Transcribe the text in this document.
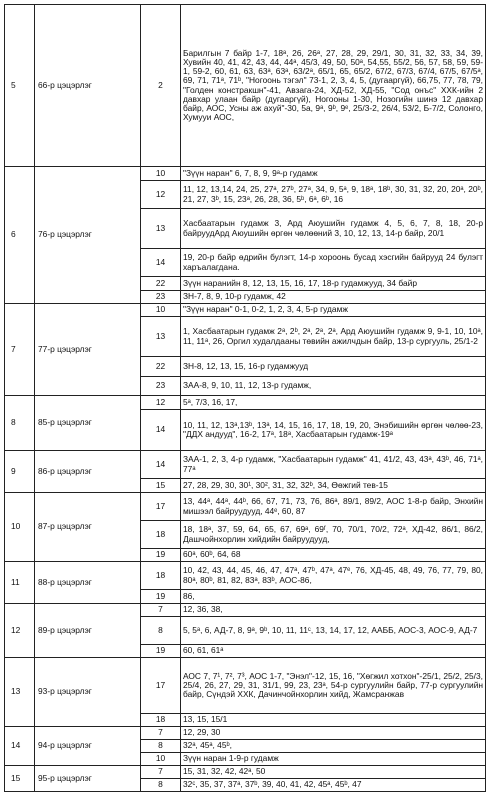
5	66-р цэцэрлэг	2	Барилгын 7 байр 1-7, 18ᵃ, 26, 26ᵃ, 27, 28, 29, 29/1, 30, 31, 32, 33, 34, 39, Хувийн 40, 41, 42, 43, 44, 44ᵃ, 45/3, 49, 50, 50ᵃ, 54,55, 55/2, 56, 57, 58, 59, 59-1, 59-2, 60, 61, 63, 63ᵃ, 63ᵃ, 63/2ᵃ, 65/1, 65, 65/2, 67/2, 67/3, 67/4, 67/5, 67/5ᵃ, 69, 71, 71ᵃ, 71ᵇ, "Ногоонь тэгэл" 73-1, 2, 3, 4, 5, (дугааргүй), 66,75, 77, 78, 79, "Голден констракшн"-41, Авзага-24, ХД-52, ХД-55, "Сод онъс" ХХК-ийн 2 давхар улаан байр (дугааргүй), Ногооны 1-30, Нозогийн шинэ 12 давхар байр, АОС, Усны аж ахуй"-30, 5а, 9ᵃ, 9ᵇ, 9ᵉ, 25/3-2, 26/4, 53/2, Б-7/2, Солонго, Хумууи АОС,
6	76-р цэцэрлэг	10	"Зүүн наран" 6, 7, 8, 9, 9ᵃ-р гудамж
		12	11, 12, 13,14, 24, 25, 27ᵃ, 27ᵇ, 27ᵃ, 34, 9, 5ᵃ, 9, 18ᵃ, 18ᵇ, 30, 31, 32, 20, 20ᵃ, 20ᵇ, 21, 27, 3ᵇ, 15, 23ᵃ, 26, 28, 36, 5ᵇ, 6ᵃ, 6ᵇ, 16
		13	Хасбаатарын гудамж 3, Ард Аюушийн гудамж 4, 5, 6, 7, 8, 18, 20-р байруудАрд Аюушийн өргөн чөлөөний 3, 10, 12, 13, 14-р байр, 20/1
		14	19, 20-р байр өдрийн булэгт, 14-р хороонь бусад хэсгийн байрууд 24 булэгт харъалагдана.
		22	Зүүн наранийн 8, 12, 13, 15, 16, 17, 18-р гудамжууд, 34 байр
		23	ЗН-7, 8, 9, 10-р гудамж, 42
7	77-р цэцэрлэг	10	"Зүүн наран" 0-1, 0-2, 1, 2, 3, 4, 5-р гудамж
		13	1, Хасбаатарын гудамж 2ᵃ, 2ᵇ, 2ᵃ, 2ᵃ, 2ᵃ, Ард Аюушийн гудамж 9, 9-1, 10, 10ᵃ, 11, 11ᵃ, 26, Оргил худалдааны төвийн ажилчдын байр, 13-р сургууль, 25/1-2
		22	ЗН-8, 12, 13, 15, 16-р гудамжууд
		23	ЗАА-8, 9, 10, 11, 12, 13-р гудамж,
8	85-р цэцэрлэг	12	5ᵃ, 7/3, 16, 17,
		14	10, 11, 12, 13ᵃ,13ᵇ, 13ᵃ, 14, 15, 16, 17, 18, 19, 20, Энэбишийн өргөн чөлөө-23, "ДДХ андууд", 16-2, 17ᵃ, 18ᵃ, Хасбаатарын гудамж-19ᵃ
9	86-р цэцэрлэг	14	ЗАА-1, 2, 3, 4-р гудамж, "Хасбаатарын гудамж" 41, 41/2, 43, 43ᵃ, 43ᵇ, 46, 71ᵃ, 77ᵃ
		15	27, 28, 29, 30, 30¹, 30², 31, 32, 32ᵇ, 34, Өөжгий тев-15
10	87-р цэцэрлэг	17	13, 44ᵃ, 44ᵃ, 44ᵇ, 66, 67, 71, 73, 76, 86ᵃ, 89/1, 89/2, АОС 1-8-р байр, Энхийн мишээл байруудууд, 44ᵉ, 60, 87
		18	18, 18ᵃ, 37, 59, 64, 65, 67, 69ᵃ, 69ᶠ, 70, 70/1, 70/2, 72ᵃ, ХД-42, 86/1, 86/2, Дашчойнхорлин хийдийн байруудууд,
		19	60ᵃ, 60ᵇ, 64, 68
11	88-р цэцэрлэг	18	10, 42, 43, 44, 45, 46, 47, 47ᵃ, 47ᵇ, 47ᵃ, 47ᵉ, 76, ХД-45, 48, 49, 76, 77, 79, 80, 80ᵃ, 80ᵇ, 81, 82, 83ᵃ, 83ᵇ, АОС-86,
		19	86,
12	89-р цэцэрлэг	7	12, 36, 38,
		8	5, 5ᵃ, 6, АД-7, 8, 9ᵃ, 9ᵇ, 10, 11, 11ᶜ, 13, 14, 17, 12, ААББ, АОС-3, АОС-9, АД-7
		19	60, 61, 61ᵃ
13	93-р цэцэрлэг	17	АОС 7, 7¹, 7², 7³, АОС 1-7, "Энэл"-12, 15, 16, "Хөгжил хотхон"-25/1, 25/2, 25/3, 25/4, 26, 27, 29, 31, 31/1, 99, 23, 23ᵃ, 54-р сургуулийн байр, 77-р сургуулийн байр, Сүндэй ХХК, Дачинчойнхорлин хийд, Жамсранжав
		18	13, 15, 15/1
14	94-р цэцэрлэг	7	12, 29, 30
		8	32ᵃ, 45ᵃ, 45ᵇ,
		10	Зүүн наран 1-9-р гудамж
15	95-р цэцэрлэг	7	15, 31, 32, 42, 42ᵃ, 50
		8	32ᶜ, 35, 37, 37ᵃ, 37ᵇ, 39, 40, 41, 42, 45ᵃ, 45ᵇ, 47
